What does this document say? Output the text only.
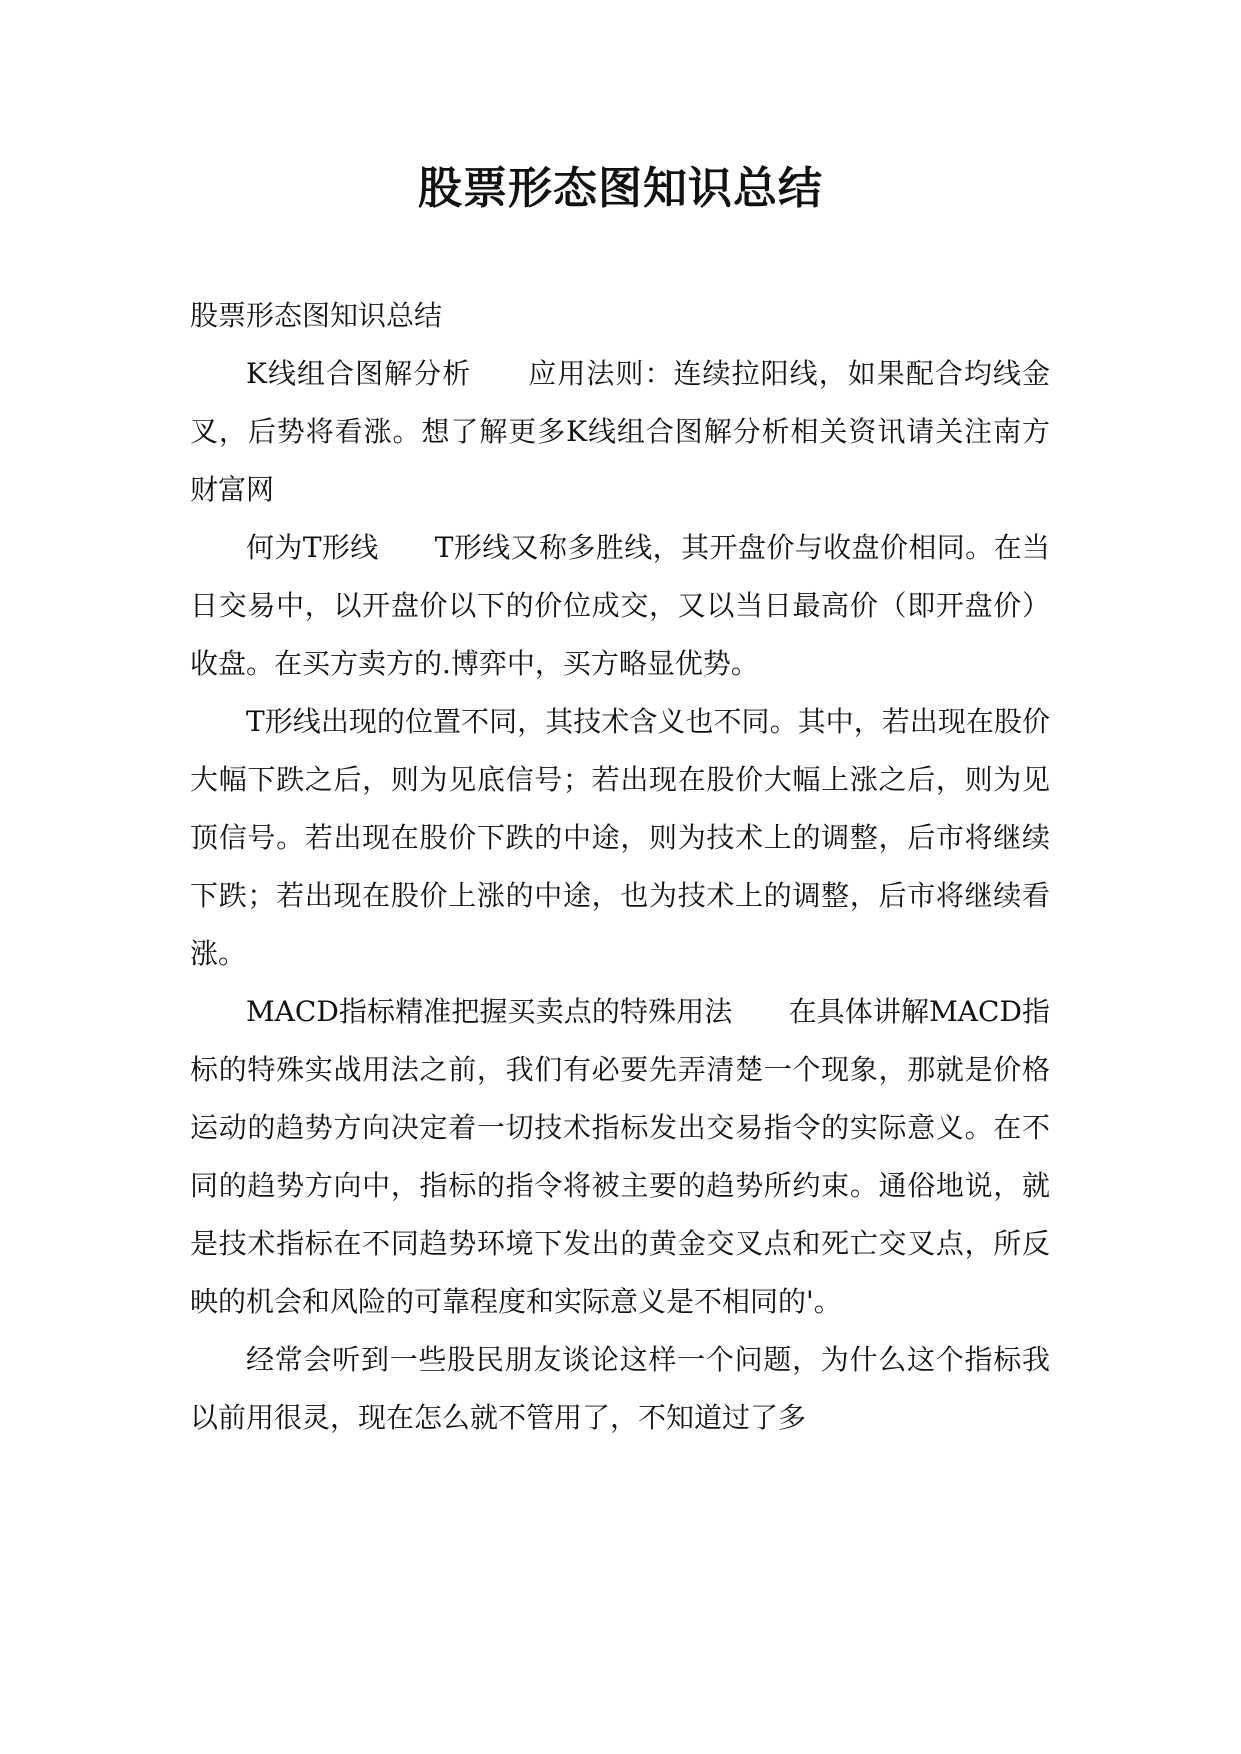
股票形态图知识总结

股票形态图知识总结

K线组合图解分析 应用法则：连续拉阳线，如果配合均线金叉，后势将看涨。想了解更多K线组合图解分析相关资讯请关注南方财富网

何为T形线 T形线又称多胜线，其开盘价与收盘价相同。在当日交易中，以开盘价以下的价位成交，又以当日最高价（即开盘价）收盘。在买方卖方的.博弈中，买方略显优势。

T形线出现的位置不同，其技术含义也不同。其中，若出现在股价大幅下跌之后，则为见底信号；若出现在股价大幅上涨之后，则为见顶信号。若出现在股价下跌的中途，则为技术上的调整，后市将继续下跌；若出现在股价上涨的中途，也为技术上的调整，后市将继续看涨。

MACD指标精准把握买卖点的特殊用法 在具体讲解MACD指标的特殊实战用法之前，我们有必要先弄清楚一个现象，那就是价格运动的趋势方向决定着一切技术指标发出交易指令的实际意义。在不同的趋势方向中，指标的指令将被主要的趋势所约束。通俗地说，就是技术指标在不同趋势环境下发出的黄金交叉点和死亡交叉点，所反映的机会和风险的可靠程度和实际意义是不相同的'。

经常会听到一些股民朋友谈论这样一个问题，为什么这个指标我以前用很灵，现在怎么就不管用了，不知道过了多
